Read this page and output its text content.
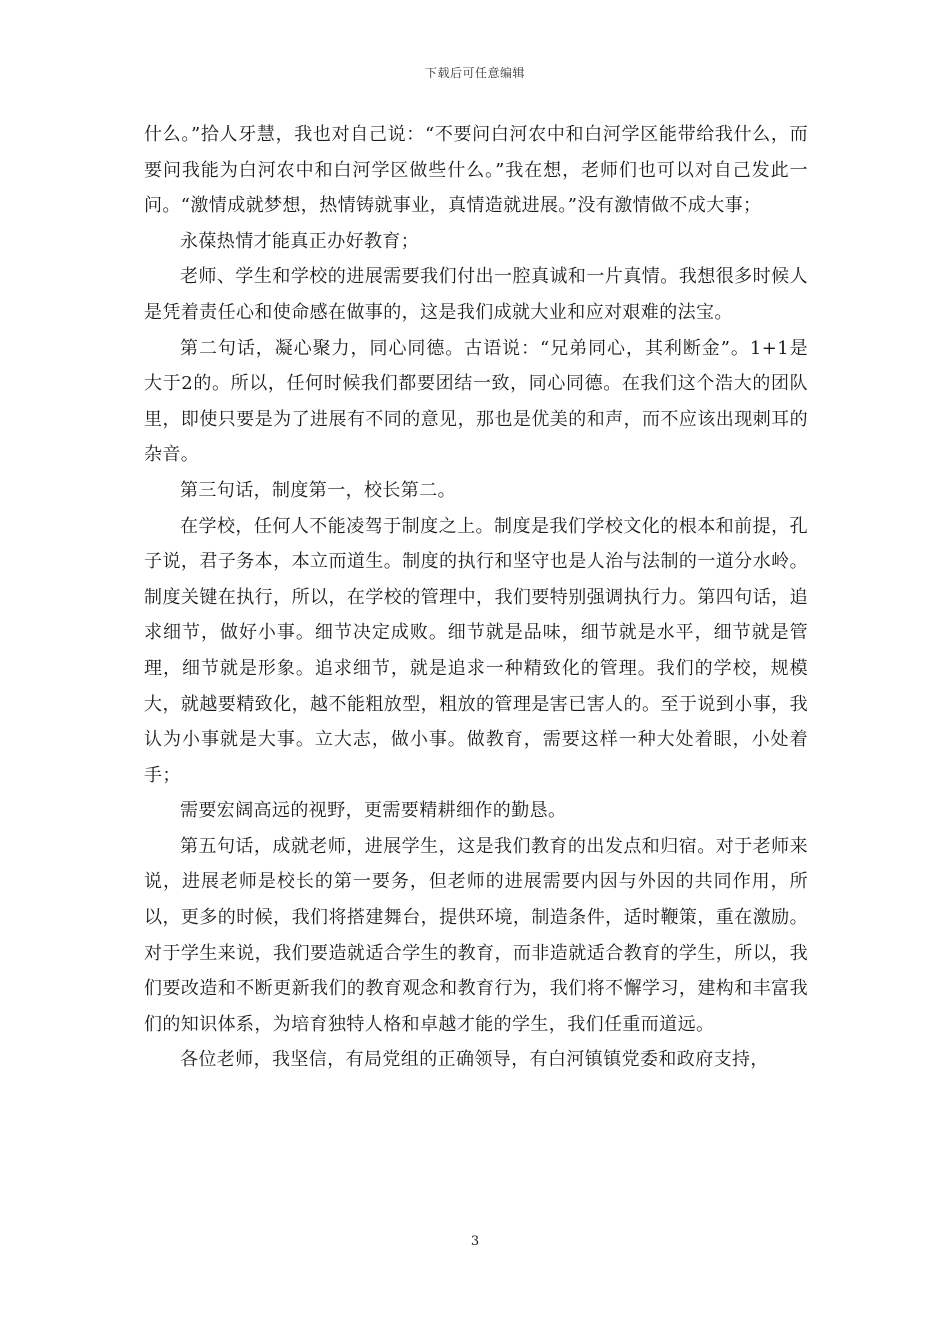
下载后可任意编辑

什么。”拾人牙慧，我也对自己说：“不要问白河农中和白河学区能带给我什么，而要问我能为白河农中和白河学区做些什么。”我在想，老师们也可以对自己发此一问。“激情成就梦想，热情铸就事业，真情造就进展。”没有激情做不成大事；

永葆热情才能真正办好教育；

老师、学生和学校的进展需要我们付出一腔真诚和一片真情。我想很多时候人是凭着责任心和使命感在做事的，这是我们成就大业和应对艰难的法宝。

第二句话，凝心聚力，同心同德。古语说：“兄弟同心，其利断金”。1+1是大于2的。所以，任何时候我们都要团结一致，同心同德。在我们这个浩大的团队里，即使只要是为了进展有不同的意见，那也是优美的和声，而不应该出现刺耳的杂音。

第三句话，制度第一，校长第二。

在学校，任何人不能凌驾于制度之上。制度是我们学校文化的根本和前提，孔子说，君子务本，本立而道生。制度的执行和坚守也是人治与法制的一道分水岭。制度关键在执行，所以，在学校的管理中，我们要特别强调执行力。第四句话，追求细节，做好小事。细节决定成败。细节就是品味，细节就是水平，细节就是管理，细节就是形象。追求细节，就是追求一种精致化的管理。我们的学校，规模大，就越要精致化，越不能粗放型，粗放的管理是害已害人的。至于说到小事，我认为小事就是大事。立大志，做小事。做教育，需要这样一种大处着眼，小处着手；

需要宏阔高远的视野，更需要精耕细作的勤恳。

第五句话，成就老师，进展学生，这是我们教育的出发点和归宿。对于老师来说，进展老师是校长的第一要务，但老师的进展需要内因与外因的共同作用，所以，更多的时候，我们将搭建舞台，提供环境，制造条件，适时鞭策，重在激励。对于学生来说，我们要造就适合学生的教育，而非造就适合教育的学生，所以，我们要改造和不断更新我们的教育观念和教育行为，我们将不懈学习，建构和丰富我们的知识体系，为培育独特人格和卓越才能的学生，我们任重而道远。

各位老师，我坚信，有局党组的正确领导，有白河镇镇党委和政府支持，

3
